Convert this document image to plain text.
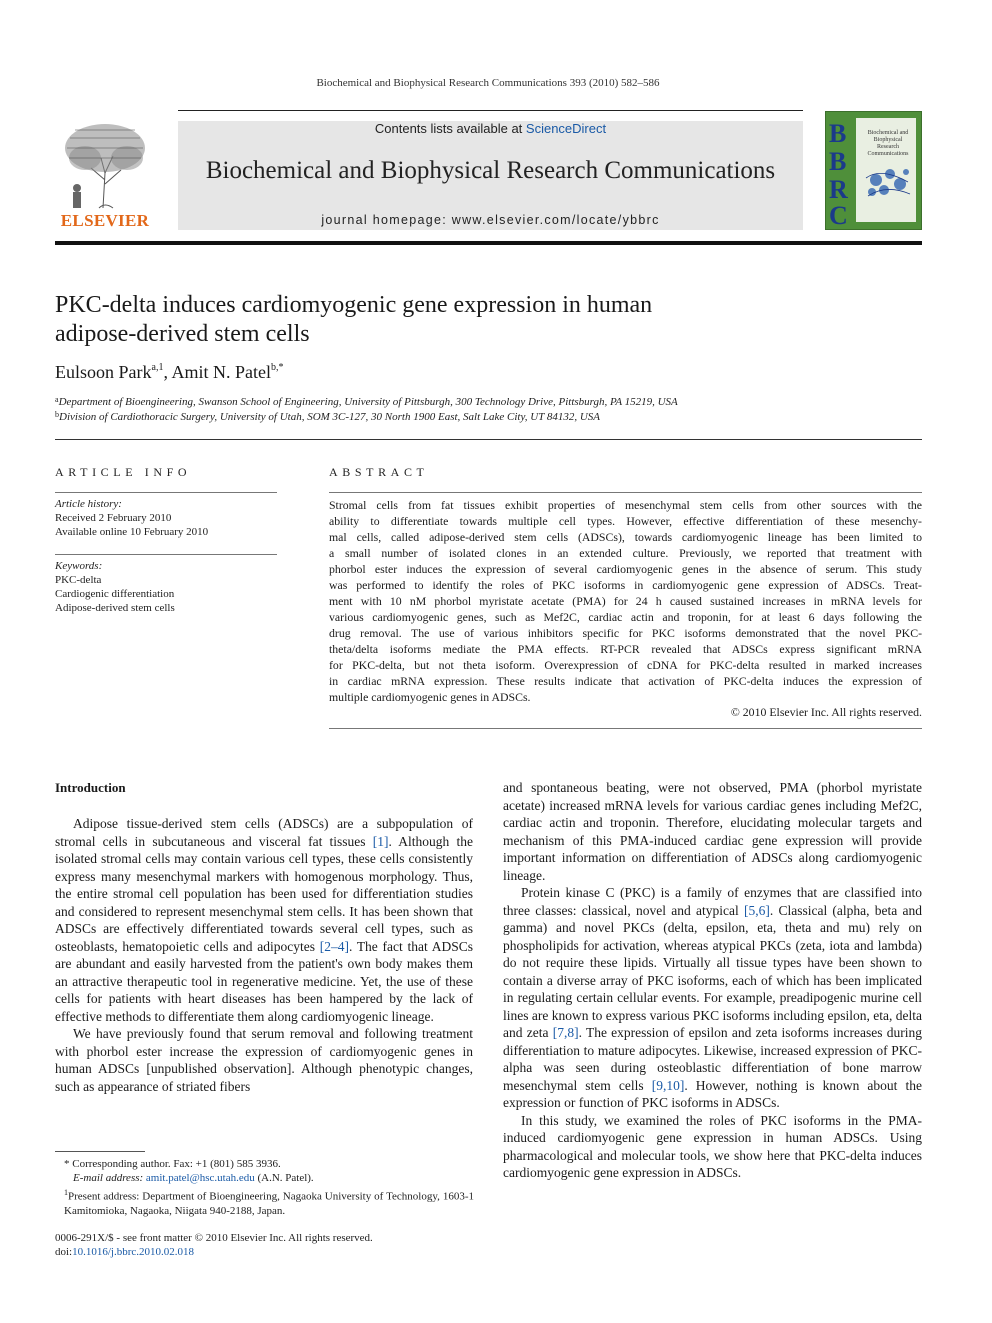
Biochemical and Biophysical Research Communications 393 (2010) 582–586
ELSEVIER
Contents lists available at ScienceDirect
Biochemical and Biophysical Research Communications
journal homepage: www.elsevier.com/locate/ybbrc
B
B
R
C
Biochemical and
Biophysical
Research
Communications
PKC-delta induces cardiomyogenic gene expression in human
adipose-derived stem cells
Eulsoon Park$^{a,1}$, Amit N. Patel$^{b,*}$
$^a$Department of Bioengineering, Swanson School of Engineering, University of Pittsburgh, 300 Technology Drive, Pittsburgh, PA 15219, USA
$^b$Division of Cardiothoracic Surgery, University of Utah, SOM 3C-127, 30 North 1900 East, Salt Lake City, UT 84132, USA
ARTICLE INFO
Article history:
Received 2 February 2010
Available online 10 February 2010
Keywords:
PKC-delta
Cardiogenic differentiation
Adipose-derived stem cells
ABSTRACT
Stromal cells from fat tissues exhibit properties of mesenchymal stem cells from other sources with the
ability to differentiate towards multiple cell types. However, effective differentiation of these mesenchy-
mal cells, called adipose-derived stem cells (ADSCs), towards cardiomyogenic lineage has been limited to
a small number of isolated clones in an extended culture. Previously, we reported that treatment with
phorbol ester induces the expression of several cardiomyogenic genes in the absence of serum. This study
was performed to identify the roles of PKC isoforms in cardiomyogenic gene expression of ADSCs. Treat-
ment with 10 nM phorbol myristate acetate (PMA) for 24 h caused sustained increases in mRNA levels for
various cardiomyogenic genes, such as Mef2C, cardiac actin and troponin, for at least 6 days following the
drug removal. The use of various inhibitors specific for PKC isoforms demonstrated that the novel PKC-
theta/delta isoforms mediate the PMA effects. RT-PCR revealed that ADSCs express significant mRNA
for PKC-delta, but not theta isoform. Overexpression of cDNA for PKC-delta resulted in marked increases
in cardiac mRNA expression. These results indicate that activation of PKC-delta induces the expression of
multiple cardiomyogenic genes in ADSCs.
© 2010 Elsevier Inc. All rights reserved.
Introduction

Adipose tissue-derived stem cells (ADSCs) are a subpopulation of stromal cells in subcutaneous and visceral fat tissues [1]. Although the isolated stromal cells may contain various cell types, these cells consistently express many mesenchymal markers with homogenous morphology. Thus, the entire stromal cell population has been used for differentiation studies and considered to represent mesenchymal stem cells. It has been shown that ADSCs are effectively differentiated towards several cell types, such as osteoblasts, hematopoietic cells and adipocytes [2–4]. The fact that ADSCs are abundant and easily harvested from the patient's own body makes them an attractive therapeutic tool in regenerative medicine. Yet, the use of these cells for patients with heart diseases has been hampered by the lack of effective methods to differentiate them along cardiomyogenic lineage.

We have previously found that serum removal and following treatment with phorbol ester increase the expression of cardiomyogenic genes in human ADSCs [unpublished observation]. Although phenotypic changes, such as appearance of striated fibers

and spontaneous beating, were not observed, PMA (phorbol myristate acetate) increased mRNA levels for various cardiac genes including Mef2C, cardiac actin and troponin. Therefore, elucidating molecular targets and mechanism of this PMA-induced cardiac gene expression will provide important information on differentiation of ADSCs along cardiomyogenic lineage.

Protein kinase C (PKC) is a family of enzymes that are classified into three classes: classical, novel and atypical [5,6]. Classical (alpha, beta and gamma) and novel PKCs (delta, epsilon, eta, theta and mu) rely on phospholipids for activation, whereas atypical PKCs (zeta, iota and lambda) do not require these lipids. Virtually all tissue types have been shown to contain a diverse array of PKC isoforms, each of which has been implicated in regulating certain cellular events. For example, preadipogenic murine cell lines are known to express various PKC isoforms including epsilon, eta, delta and zeta [7,8]. The expression of epsilon and zeta isoforms increases during differentiation to mature adipocytes. Likewise, increased expression of PKC-alpha was seen during osteoblastic differentiation of bone marrow mesenchymal stem cells [9,10]. However, nothing is known about the expression or function of PKC isoforms in ADSCs.

In this study, we examined the roles of PKC isoforms in the PMA-induced cardiomyogenic gene expression in human ADSCs. Using pharmacological and molecular tools, we show here that PKC-delta induces cardiomyogenic gene expression in ADSCs.

* Corresponding author. Fax: +1 (801) 585 3936.
E-mail address: amit.patel@hsc.utah.edu (A.N. Patel).
$^1$Present address: Department of Bioengineering, Nagaoka University of Technology, 1603-1 Kamitomioka, Nagaoka, Niigata 940-2188, Japan.
0006-291X/$ - see front matter © 2010 Elsevier Inc. All rights reserved.
doi:10.1016/j.bbrc.2010.02.018
